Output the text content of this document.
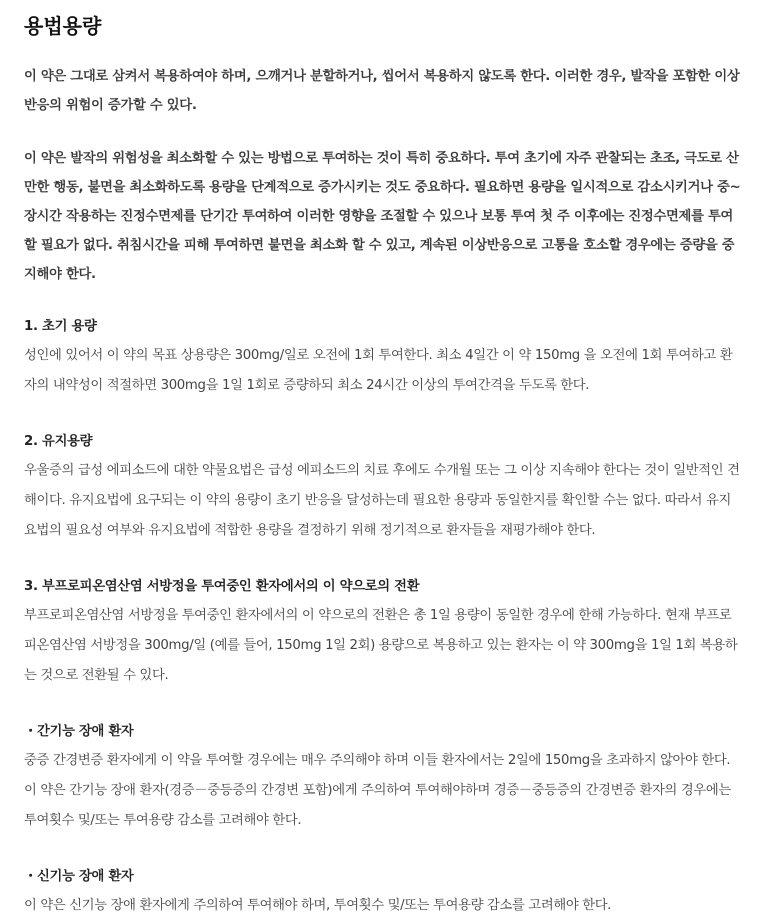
용법용량

이 약은 그대로 삼켜서 복용하여야 하며, 으깨거나 분할하거나, 씹어서 복용하지 않도록 한다. 이러한 경우, 발작을 포함한 이상반응의 위험이 증가할 수 있다.

이 약은 발작의 위험성을 최소화할 수 있는 방법으로 투여하는 것이 특히 중요하다. 투여 초기에 자주 관찰되는 초조, 극도로 산만한 행동, 불면을 최소화하도록 용량을 단계적으로 증가시키는 것도 중요하다. 필요하면 용량을 일시적으로 감소시키거나 중~장시간 작용하는 진정수면제를 단기간 투여하여 이러한 영향을 조절할 수 있으나 보통 투여 첫 주 이후에는 진정수면제를 투여할 필요가 없다. 취침시간을 피해 투여하면 불면을 최소화 할 수 있고, 계속된 이상반응으로 고통을 호소할 경우에는 증량을 중지해야 한다.

1. 초기 용량

성인에 있어서 이 약의 목표 상용량은 300mg/일로 오전에 1회 투여한다. 최소 4일간 이 약 150mg 을 오전에 1회 투여하고 환자의 내약성이 적절하면 300mg을 1일 1회로 증량하되 최소 24시간 이상의 투여간격을 두도록 한다.

2. 유지용량

우울증의 급성 에피소드에 대한 약물요법은 급성 에피소드의 치료 후에도 수개월 또는 그 이상 지속해야 한다는 것이 일반적인 견해이다. 유지요법에 요구되는 이 약의 용량이 초기 반응을 달성하는데 필요한 용량과 동일한지를 확인할 수는 없다. 따라서 유지요법의 필요성 여부와 유지요법에 적합한 용량을 결정하기 위해 정기적으로 환자들을 재평가해야 한다.

3. 부프로피온염산염 서방정을 투여중인 환자에서의 이 약으로의 전환

부프로피온염산염 서방정을 투여중인 환자에서의 이 약으로의 전환은 총 1일 용량이 동일한 경우에 한해 가능하다. 현재 부프로피온염산염 서방정을 300mg/일 (예를 들어, 150mg 1일 2회) 용량으로 복용하고 있는 환자는 이 약 300mg을 1일 1회 복용하는 것으로 전환될 수 있다.

・간기능 장애 환자

중증 간경변증 환자에게 이 약을 투여할 경우에는 매우 주의해야 하며 이들 환자에서는 2일에 150mg을 초과하지 않아야 한다. 이 약은 간기능 장애 환자(경증－중등증의 간경변 포함)에게 주의하여 투여해야하며 경증－중등증의 간경변증 환자의 경우에는 투여횟수 및/또는 투여용량 감소를 고려해야 한다.

・신기능 장애 환자

이 약은 신기능 장애 환자에게 주의하여 투여해야 하며, 투여횟수 및/또는 투여용량 감소를 고려해야 한다.
